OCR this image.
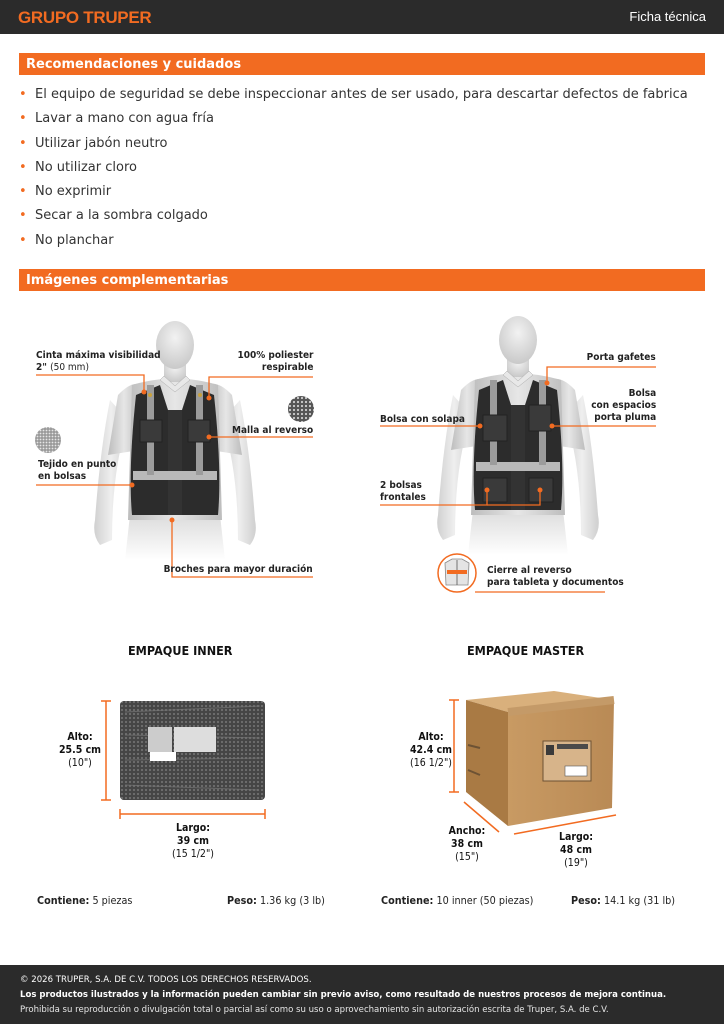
GRUPO TRUPER	Ficha técnica
Recomendaciones y cuidados
• El equipo de seguridad se debe inspeccionar antes de ser usado, para descartar defectos de fabrica
• Lavar a mano con agua fría
• Utilizar jabón neutro
• No utilizar cloro
• No exprimir
• Secar a la sombra colgado
• No planchar
Imágenes complementarias
Cinta máxima visibilidad
2" (50 mm)
100% poliester
respirable
Malla al reverso
Tejido en punto
en bolsas
Broches para mayor duración
Porta gafetes
Bolsa
con espacios
porta pluma
Bolsa con solapa
2 bolsas
frontales
Cierre al reverso
para tableta y documentos
EMPAQUE INNER	EMPAQUE MASTER
Alto:
25.5 cm
(10")
Largo:
39 cm
(15 1/2")
Alto:
42.4 cm
(16 1/2")
Ancho:
38 cm
(15")
Largo:
48 cm
(19")
Contiene: 5 piezas	Peso: 1.36 kg (3 lb)	Contiene: 10 inner (50 piezas)	Peso: 14.1 kg (31 lb)

© 2026 TRUPER, S.A. DE C.V. TODOS LOS DERECHOS RESERVADOS.

Los productos ilustrados y la información pueden cambiar sin previo aviso, como resultado de nuestros procesos de mejora continua.

Prohibida su reproducción o divulgación total o parcial así como su uso o aprovechamiento sin autorización escrita de Truper, S.A. de C.V.
